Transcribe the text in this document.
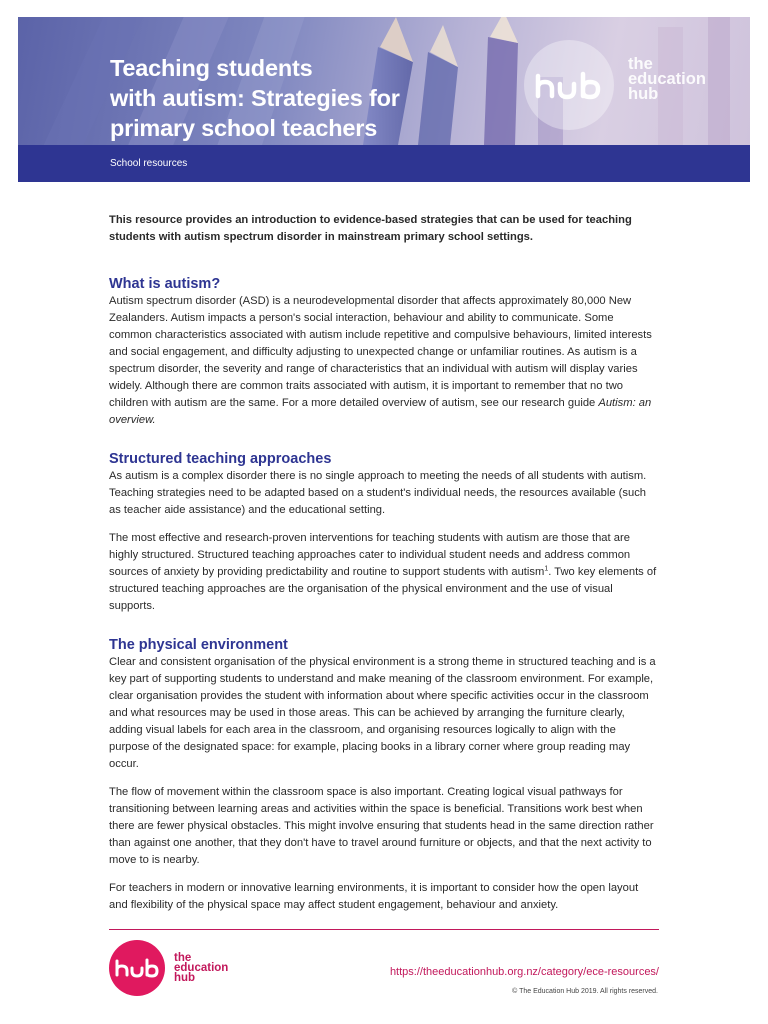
Teaching students
with autism: Strategies for
primary school teachers
the
education
hub
School resources

This resource provides an introduction to evidence-based strategies that can be used for teaching students with autism spectrum disorder in mainstream primary school settings.

What is autism?

Autism spectrum disorder (ASD) is a neurodevelopmental disorder that affects approximately 80,000 New Zealanders. Autism impacts a person's social interaction, behaviour and ability to communicate. Some common characteristics associated with autism include repetitive and compulsive behaviours, limited interests and social engagement, and difficulty adjusting to unexpected change or unfamiliar routines. As autism is a spectrum disorder, the severity and range of characteristics that an individual with autism will display varies widely. Although there are common traits associated with autism, it is important to remember that no two children with autism are the same. For a more detailed overview of autism, see our research guide Autism: an overview.

Structured teaching approaches

As autism is a complex disorder there is no single approach to meeting the needs of all students with autism. Teaching strategies need to be adapted based on a student's individual needs, the resources available (such as teacher aide assistance) and the educational setting.

The most effective and research-proven interventions for teaching students with autism are those that are highly structured. Structured teaching approaches cater to individual student needs and address common sources of anxiety by providing predictability and routine to support students with autism$^1$. Two key elements of structured teaching approaches are the organisation of the physical environment and the use of visual supports.

The physical environment

Clear and consistent organisation of the physical environment is a strong theme in structured teaching and is a key part of supporting students to understand and make meaning of the classroom environment. For example, clear organisation provides the student with information about where specific activities occur in the classroom and what resources may be used in those areas. This can be achieved by arranging the furniture clearly, adding visual labels for each area in the classroom, and organising resources logically to align with the purpose of the designated space: for example, placing books in a library corner where group reading may occur.

The flow of movement within the classroom space is also important. Creating logical visual pathways for transitioning between learning areas and activities within the space is beneficial. Transitions work best when there are fewer physical obstacles. This might involve ensuring that students head in the same direction rather than against one another, that they don't have to travel around furniture or objects, and that the next activity to move to is nearby.

For teachers in modern or innovative learning environments, it is important to consider how the open layout and flexibility of the physical space may affect student engagement, behaviour and anxiety.

the
education
hub	https://theeducationhub.org.nz/category/ece-resources/
© The Education Hub 2019. All rights reserved.
